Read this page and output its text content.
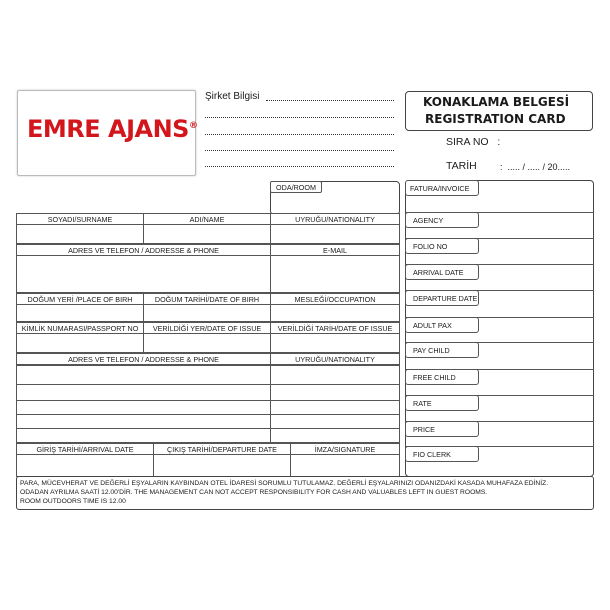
EMRE AJANS®
Şirket Bilgisi	KONAKLAMA BELGESİ
REGISTRATION CARD
SIRA NO   :
TARİH	:  ..... / ..... / 20.....
ODA/ROOM
SOYADI/SURNAME	ADI/NAME	UYRUĞU/NATIONALITY
ADRES VE TELEFON / ADDRESSE & PHONE	E-MAIL
DOĞUM YERİ /PLACE OF BIRH	DOĞUM TARİHİ/DATE OF BIRH	MESLEĞİ/OCCUPATION
KİMLİK NUMARASI/PASSPORT NO	VERİLDİĞİ YER/DATE OF ISSUE	VERİLDİĞİ TARİH/DATE OF ISSUE
ADRES VE TELEFON / ADDRESSE & PHONE	UYRUĞU/NATIONALITY
GİRİŞ TARİHİ/ARRIVAL DATE	ÇIKIŞ TARİHİ/DEPARTURE DATE	İMZA/SIGNATURE
FATURA/INVOICE
AGENCY
FOLIO NO
ARRIVAL DATE
DEPARTURE DATE
ADULT PAX
PAY CHILD
FREE CHILD
RATE
PRICE
FIO CLERK
PARA, MÜCEVHERAT VE DEĞERLİ EŞYALARIN KAYBINDAN OTEL İDARESİ SORUMLU TUTULAMAZ. DEĞERLİ EŞYALARINIZI ODANIZDAKİ KASADA MUHAFAZA EDİNİZ.
ODADAN AYRILMA SAATİ 12.00'DİR. THE MANAGEMENT CAN NOT ACCEPT RESPONSIBILITY FOR CASH AND VALUABLES LEFT IN GUEST ROOMS.
ROOM OUTDOORS TIME IS 12.00
